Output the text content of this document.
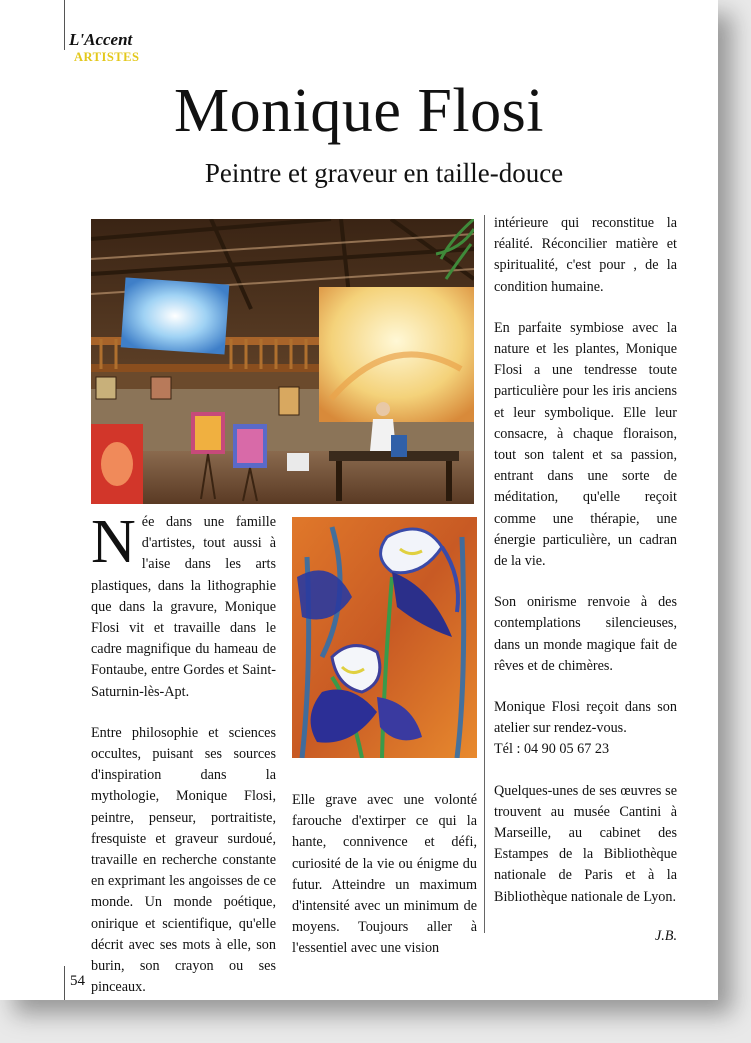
L'Accent
ARTISTES
Monique Flosi
Peintre et graveur en taille-douce

Née dans une famille d'artistes, tout aussi à l'aise dans les arts plastiques, dans la lithographie que dans la gravure, Monique Flosi vit et travaille dans le cadre magnifique du hameau de Fontaube, entre Gordes et Saint-Saturnin-lès-Apt.

Entre philosophie et sciences occultes, puisant ses sources d'inspiration dans la mythologie, Monique Flosi, peintre, penseur, portraitiste, fresquiste et graveur surdoué, travaille en recherche constante en exprimant les angoisses de ce monde. Un monde poétique, onirique et scientifique, qu'elle décrit avec ses mots à elle, son burin, son crayon ou ses pinceaux.

Elle grave avec une volonté farouche d'extirper ce qui la hante, connivence et défi, curiosité de la vie ou énigme du futur. Atteindre un maximum d'intensité avec un minimum de moyens. Toujours aller à l'essentiel avec une vision

intérieure qui reconstitue la réalité. Réconcilier matière et spiritualité, c'est pour , de la condition humaine.

En parfaite symbiose avec la nature et les plantes, Monique Flosi a une tendresse toute particulière pour les iris anciens et leur symbolique. Elle leur consacre, à chaque floraison, tout son talent et sa passion, entrant dans une sorte de méditation, qu'elle reçoit comme une thérapie, une énergie particulière, un cadran de la vie.

Son onirisme renvoie à des contemplations silencieuses, dans un monde magique fait de rêves et de chimères.

Monique Flosi reçoit dans son atelier sur rendez-vous.
Tél : 04 90 05 67 23

Quelques-unes de ses œuvres se trouvent au musée Cantini à Marseille, au cabinet des Estampes de la Bibliothèque nationale de Paris et à la Bibliothèque nationale de Lyon.

J.B.
54
